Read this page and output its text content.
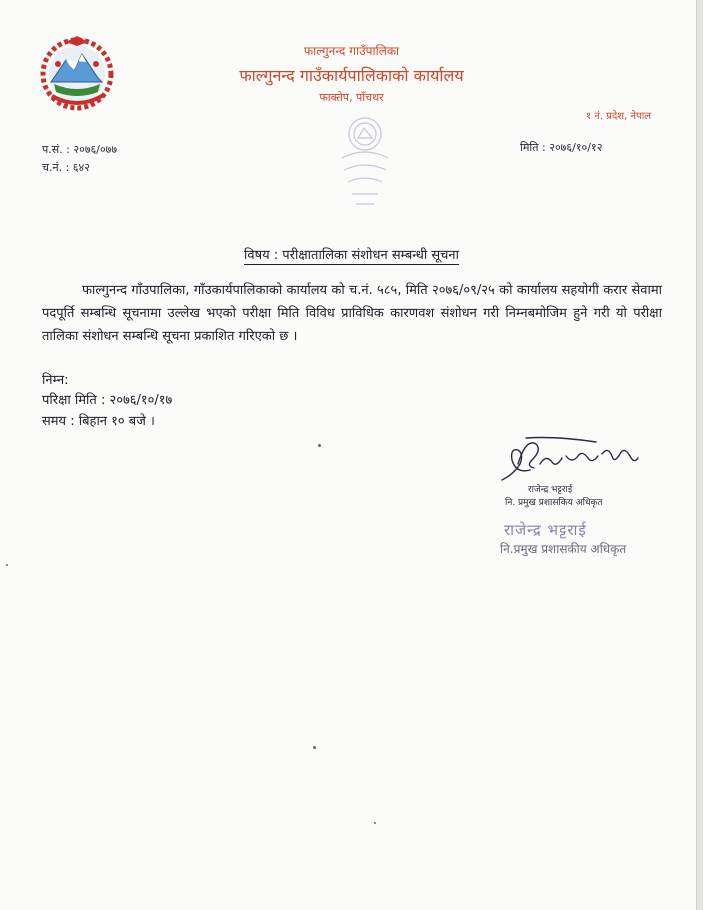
फाल्गुनन्द गाउँपालिका
फाल्गुनन्द गाउँकार्यपालिकाको कार्यालय
फाक्तेप, पाँचथर
१ नं. प्रदेश, नेपाल
प.सं. : २०७६/०७७
च.नं. : ६४२
मिति : २०७६/१०/१२
विषय : परीक्षातालिका संशोधन सम्बन्धी सूचना
फाल्गुनन्द गाँउपालिका, गाँउकार्यपालिकाको कार्यालय को च.नं. ५८५, मिति २०७६/०९/२५ को कार्यालय सहयोगी करार सेवामा पदपूर्ति सम्बन्धि सूचनामा उल्लेख भएको परीक्षा मिति विविध प्राविधिक कारणवश संशोधन गरी निम्नबमोजिम हुने गरी यो परीक्षा तालिका संशोधन सम्बन्धि सूचना प्रकाशित गरिएको छ ।
निम्न:
परिक्षा मिति : २०७६/१०/१७
समय : बिहान १० बजे ।
राजेन्द्र भट्टराई
नि. प्रमुख प्रशासकिय अधिकृत
राजेन्द्र भट्टराई
नि.प्रमुख प्रशासकीय अधिकृत
